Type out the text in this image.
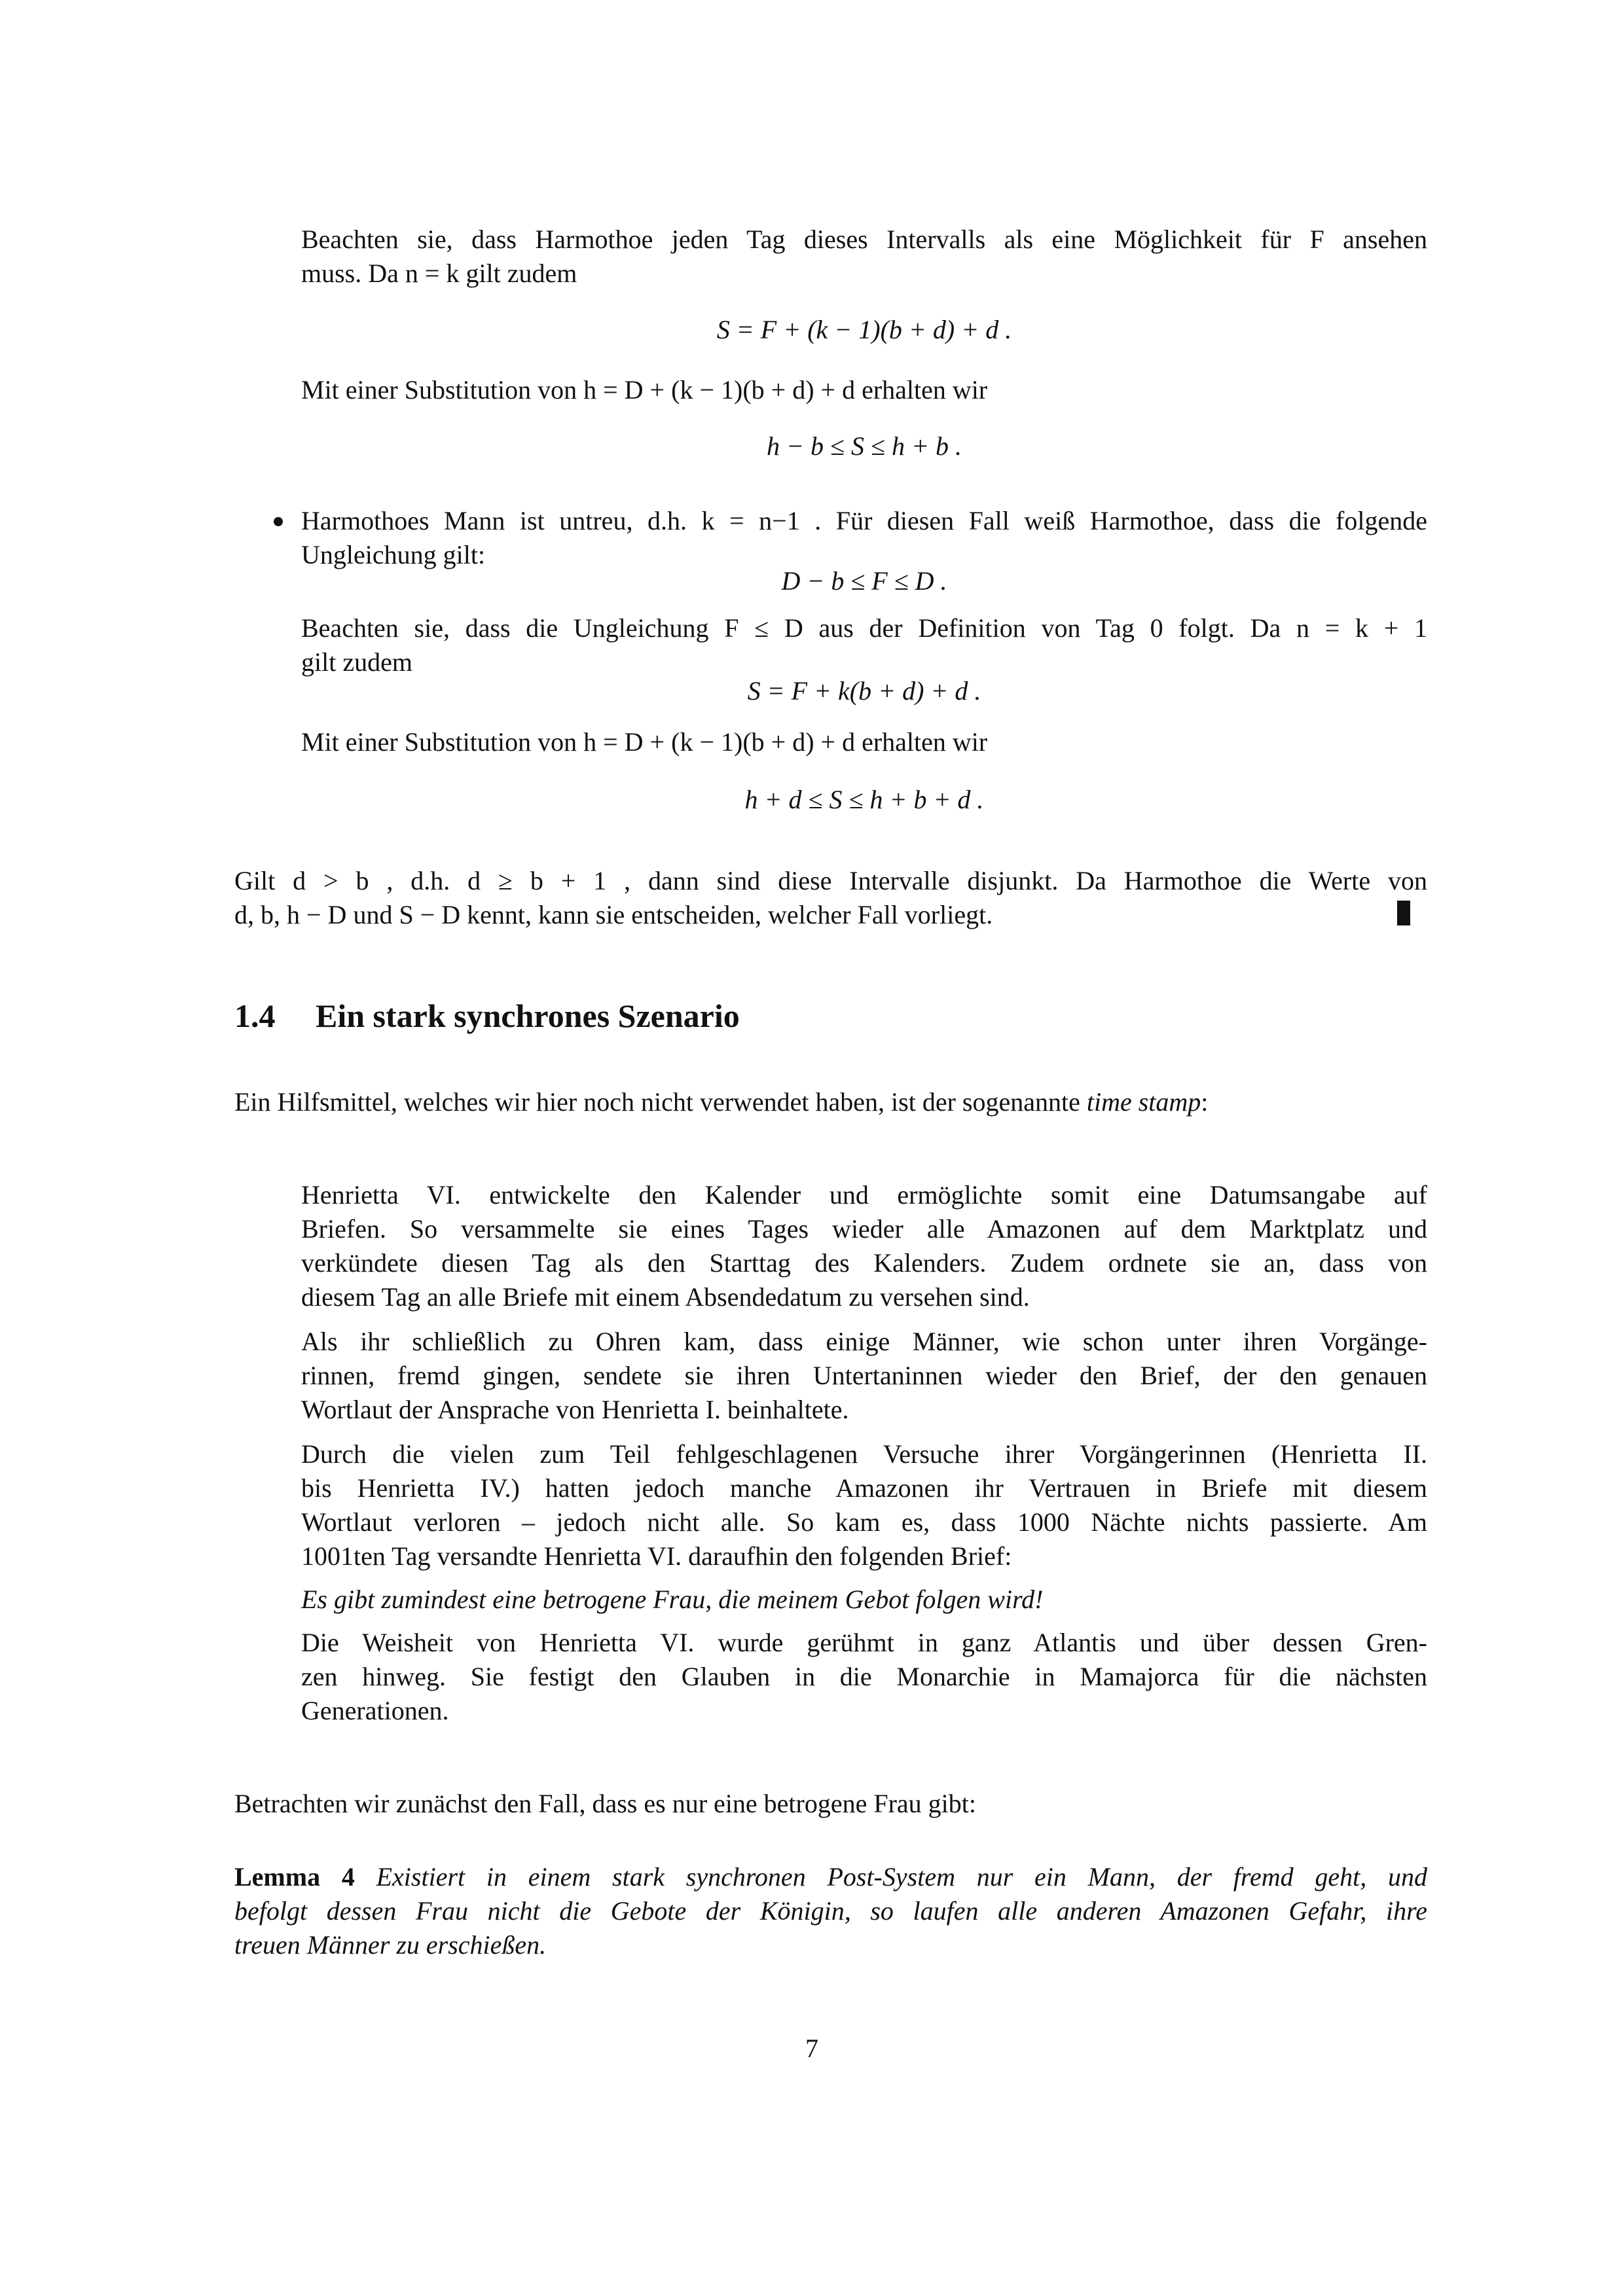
Beachten sie, dass Harmothoe jeden Tag dieses Intervalls als eine Möglichkeit für F ansehen
muss. Da n = k gilt zudem
S = F + (k − 1)(b + d) + d .
Mit einer Substitution von h = D + (k − 1)(b + d) + d erhalten wir
h − b ≤ S ≤ h + b .
Harmothoes Mann ist untreu, d.h. k = n−1 . Für diesen Fall weiß Harmothoe, dass die folgende
Ungleichung gilt:
D − b ≤ F ≤ D .
Beachten sie, dass die Ungleichung F ≤ D aus der Definition von Tag 0 folgt. Da n = k + 1
gilt zudem
S = F + k(b + d) + d .
Mit einer Substitution von h = D + (k − 1)(b + d) + d erhalten wir
h + d ≤ S ≤ h + b + d .
Gilt d > b , d.h. d ≥ b + 1 , dann sind diese Intervalle disjunkt. Da Harmothoe die Werte von
d, b, h − D und S − D kennt, kann sie entscheiden, welcher Fall vorliegt.
1.4 Ein stark synchrones Szenario
Ein Hilfsmittel, welches wir hier noch nicht verwendet haben, ist der sogenannte time stamp:
Henrietta VI. entwickelte den Kalender und ermöglichte somit eine Datumsangabe auf
Briefen. So versammelte sie eines Tages wieder alle Amazonen auf dem Marktplatz und
verkündete diesen Tag als den Starttag des Kalenders. Zudem ordnete sie an, dass von
diesem Tag an alle Briefe mit einem Absendedatum zu versehen sind.
Als ihr schließlich zu Ohren kam, dass einige Männer, wie schon unter ihren Vorgänge-
rinnen, fremd gingen, sendete sie ihren Untertaninnen wieder den Brief, der den genauen
Wortlaut der Ansprache von Henrietta I. beinhaltete.
Durch die vielen zum Teil fehlgeschlagenen Versuche ihrer Vorgängerinnen (Henrietta II.
bis Henrietta IV.) hatten jedoch manche Amazonen ihr Vertrauen in Briefe mit diesem
Wortlaut verloren – jedoch nicht alle. So kam es, dass 1000 Nächte nichts passierte. Am
1001ten Tag versandte Henrietta VI. daraufhin den folgenden Brief:
Es gibt zumindest eine betrogene Frau, die meinem Gebot folgen wird!
Die Weisheit von Henrietta VI. wurde gerühmt in ganz Atlantis und über dessen Gren-
zen hinweg. Sie festigt den Glauben in die Monarchie in Mamajorca für die nächsten
Generationen.
Betrachten wir zunächst den Fall, dass es nur eine betrogene Frau gibt:
Lemma 4 Existiert in einem stark synchronen Post-System nur ein Mann, der fremd geht, und
befolgt dessen Frau nicht die Gebote der Königin, so laufen alle anderen Amazonen Gefahr, ihre
treuen Männer zu erschießen.
7
